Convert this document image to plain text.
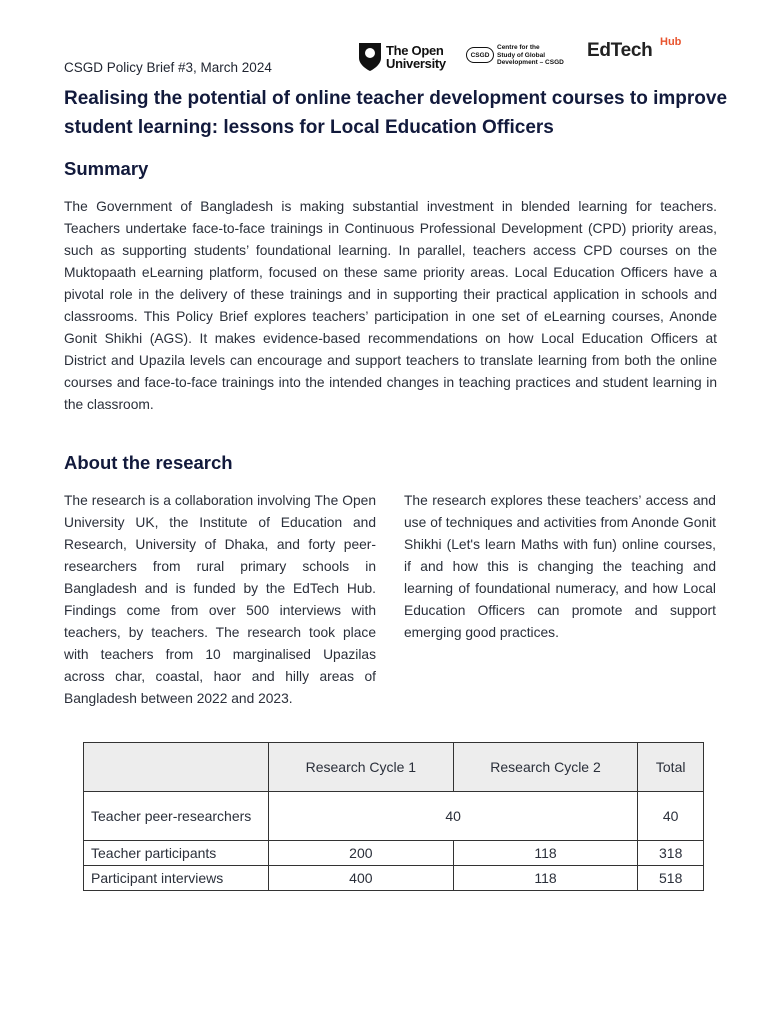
CSGD Policy Brief #3, March 2024
The Open
University
CSGD
Centre for the
Study of Global
Development – CSGD
EdTech Hub
Realising the potential of online teacher development courses to improve student learning: lessons for Local Education Officers
Summary

The Government of Bangladesh is making substantial investment in blended learning for teachers. Teachers undertake face-to-face trainings in Continuous Professional Development (CPD) priority areas, such as supporting students’ foundational learning. In parallel, teachers access CPD courses on the Muktopaath eLearning platform, focused on these same priority areas. Local Education Officers have a pivotal role in the delivery of these trainings and in supporting their practical application in schools and classrooms. This Policy Brief explores teachers’ participation in one set of eLearning courses, Anonde Gonit Shikhi (AGS). It makes evidence-based recommendations on how Local Education Officers at District and Upazila levels can encourage and support teachers to translate learning from both the online courses and face-to-face trainings into the intended changes in teaching practices and student learning in the classroom.

About the research

The research is a collaboration involving The Open University UK, the Institute of Education and Research, University of Dhaka, and forty peer-researchers from rural primary schools in Bangladesh and is funded by the EdTech Hub. Findings come from over 500 interviews with teachers, by teachers. The research took place with teachers from 10 marginalised Upazilas across char, coastal, haor and hilly areas of Bangladesh between 2022 and 2023.

The research explores these teachers’ access and use of techniques and activities from Anonde Gonit Shikhi (Let's learn Maths with fun) online courses, if and how this is changing the teaching and learning of foundational numeracy, and how Local Education Officers can promote and support emerging good practices.

	Research Cycle 1	Research Cycle 2	Total
Teacher peer-researchers	40		40
Teacher participants	200	118	318
Participant interviews	400	118	518
